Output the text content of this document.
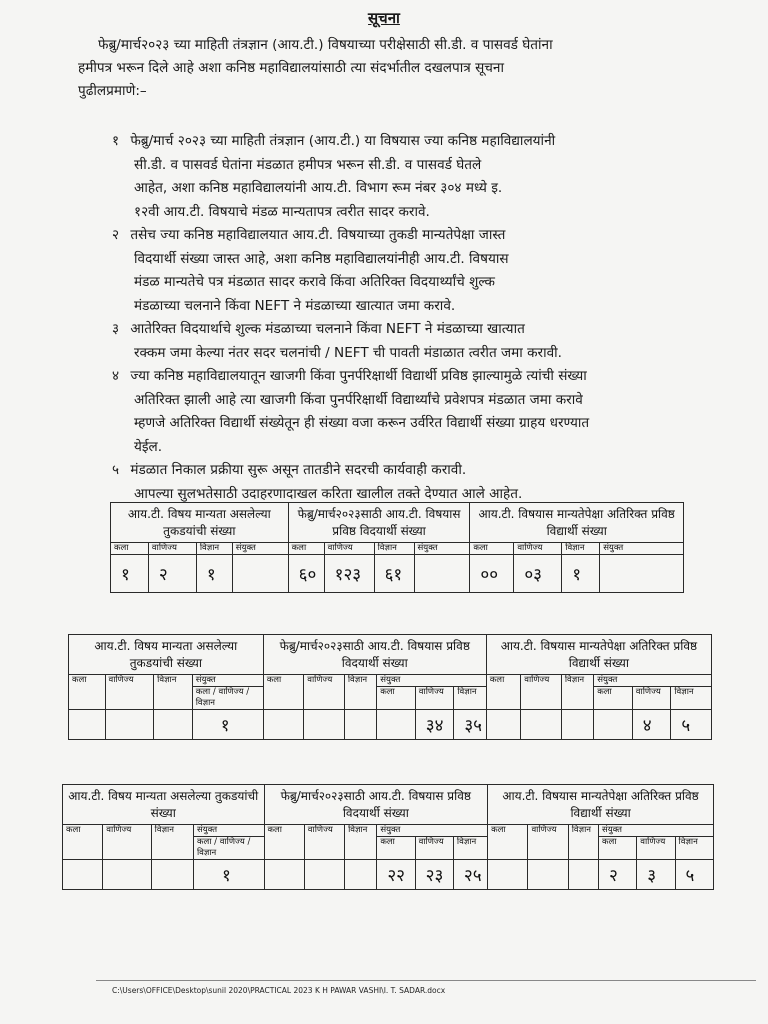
सूचना
फेब्रु/मार्च२०२३ च्या माहिती तंत्रज्ञान (आय.टी.) विषयाच्या परीक्षेसाठी सी.डी. व पासवर्ड घेतांना
हमीपत्र भरून दिले आहे अशा कनिष्ठ महाविद्यालयांसाठी त्या संदर्भातील दखलपात्र सूचना
पुढीलप्रमाणे:–
१ फेब्रु/मार्च २०२३ च्या माहिती तंत्रज्ञान (आय.टी.) या विषयास ज्या कनिष्ठ महाविद्यालयांनी
सी.डी. व पासवर्ड घेतांना मंडळात हमीपत्र भरून सी.डी. व पासवर्ड घेतले
आहेत, अशा कनिष्ठ महाविद्यालयांनी आय.टी. विभाग रूम नंबर ३०४ मध्ये इ.
१२वी आय.टी. विषयाचे मंडळ मान्यतापत्र त्वरीत सादर करावे.
२ तसेच ज्या कनिष्ठ महाविद्यालयात आय.टी. विषयाच्या तुकडी मान्यतेपेक्षा जास्त
विदयार्थी संख्या जास्त आहे, अशा कनिष्ठ महाविद्यालयांनीही आय.टी. विषयास
मंडळ मान्यतेचे पत्र मंडळात सादर करावे किंवा अतिरिक्त विदयार्थ्यांचे शुल्क
मंडळाच्या चलनाने किंवा NEFT ने मंडळाच्या खात्यात जमा करावे.
३ आतेरिक्त विदयार्थाचे शुल्क मंडळाच्या चलनाने किंवा NEFT ने मंडळाच्या खात्यात
रक्कम जमा केल्या नंतर सदर चलनांची / NEFT ची पावती मंडाळात त्वरीत जमा करावी.
४ ज्या कनिष्ठ महाविद्यालयातून खाजगी किंवा पुनर्परिक्षार्थी विद्यार्थी प्रविष्ठ झाल्यामुळे त्यांची संख्या
अतिरिक्त झाली आहे त्या खाजगी किंवा पुनर्परिक्षार्थी विद्यार्थ्यांचे प्रवेशपत्र मंडळात जमा करावे
म्हणजे अतिरिक्त विद्यार्थी संख्येतून ही संख्या वजा करून उर्वरित विद्यार्थी संख्या ग्राहय धरण्यात
येईल.
५ मंडळात निकाल प्रक्रीया सुरू असून तातडीने सदरची कार्यवाही करावी.
आपल्या सुलभतेसाठी उदाहरणादाखल करिता खालील तक्ते देण्यात आले आहेत.
आय.टी. विषय मान्यता असलेल्या तुकडयांची संख्या				फेब्रु/मार्च२०२३साठी आय.टी. विषयास प्रविष्ठ विदयार्थी संख्या				आय.टी. विषयास मान्यतेपेक्षा अतिरिक्त प्रविष्ठ विद्यार्थी संख्या			
कला	वाणिज्य	विज्ञान	संयुक्त	कला	वाणिज्य	विज्ञान	संयुक्त	कला	वाणिज्य	विज्ञान	संयुक्त
१	२	१		६०	१२३	६१		००	०३	१	
आय.टी. विषय मान्यता असलेल्या तुकडयांची संख्या				फेब्रु/मार्च२०२३साठी आय.टी. विषयास प्रविष्ठ विदयार्थी संख्या						आय.टी. विषयास मान्यतेपेक्षा अतिरिक्त प्रविष्ठ विद्यार्थी संख्या					
कला	वाणिज्य	विज्ञान	संयुक्त	कला	वाणिज्य	विज्ञान	संयुक्त			कला	वाणिज्य	विज्ञान	संयुक्त		
			कला / वाणिज्य / विज्ञान				कला	वाणिज्य	विज्ञान				कला	वाणिज्य	विज्ञान
			१					३४	३५					४	५
आय.टी. विषय मान्यता असलेल्या तुकडयांची संख्या				फेब्रु/मार्च२०२३साठी आय.टी. विषयास प्रविष्ठ विदयार्थी संख्या						आय.टी. विषयास मान्यतेपेक्षा अतिरिक्त प्रविष्ठ विद्यार्थी संख्या					
कला	वाणिज्य	विज्ञान	संयुक्त	कला	वाणिज्य	विज्ञान	संयुक्त			कला	वाणिज्य	विज्ञान	संयुक्त		
			कला / वाणिज्य / विज्ञान				कला	वाणिज्य	विज्ञान				कला	वाणिज्य	विज्ञान
			१				२२	२३	२५				२	३	५
C:\Users\OFFICE\Desktop\sunil 2020\PRACTICAL 2023 K H PAWAR VASHI\I. T. SADAR.docx
